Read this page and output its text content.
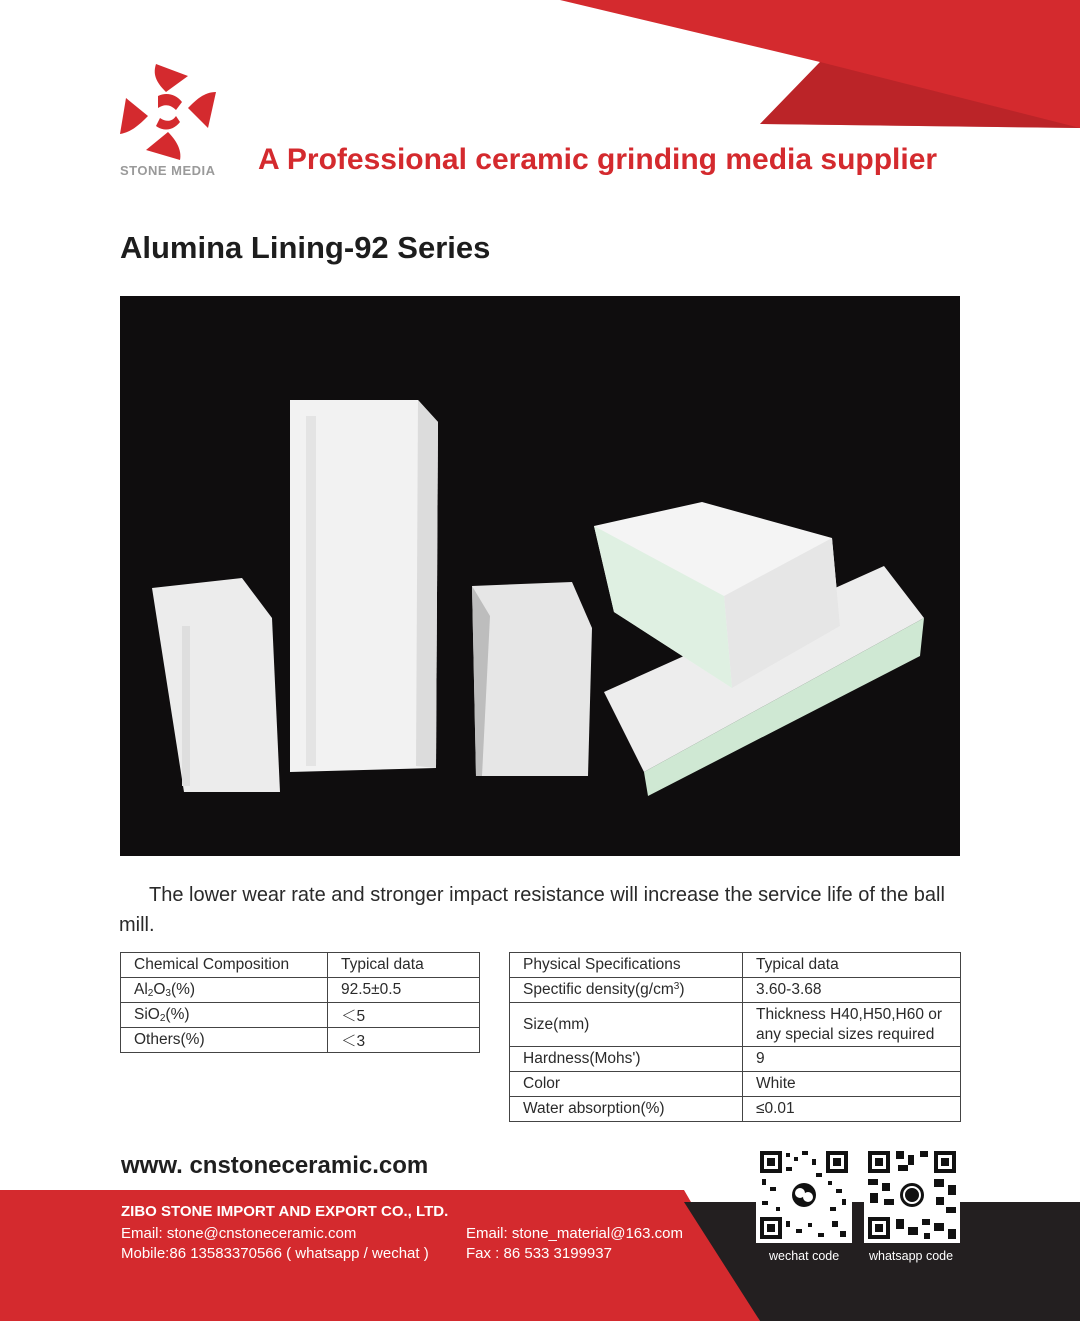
STONE MEDIA A Professional ceramic grinding media supplier
Alumina Lining-92 Series
The lower wear rate and stronger impact resistance will increase the service life of the ball mill.
Chemical Composition	Typical data
$Al_2O_3(\%)$	92.5±0.5
SiO$_2$(%)	＜5
Others(%)	＜3
Physical Specifications	Typical data
Spectific $density(g/cm^3)$	3.60-3.68
Size(mm)	Thickness H40,H50,H60 or any special sizes required
Hardness(Mohs')	9
Color	White
Water absorption(%)	≤0.01
www. cnstoneceramic.com
ZIBO STONE IMPORT AND EXPORT CO., LTD.
Email: stone@cnstoneceramic.com
Mobile:86 13583370566 ( whatsapp / wechat )
Email: stone_material@163.com
Fax : 86 533 3199937	wechat code whatsapp code
